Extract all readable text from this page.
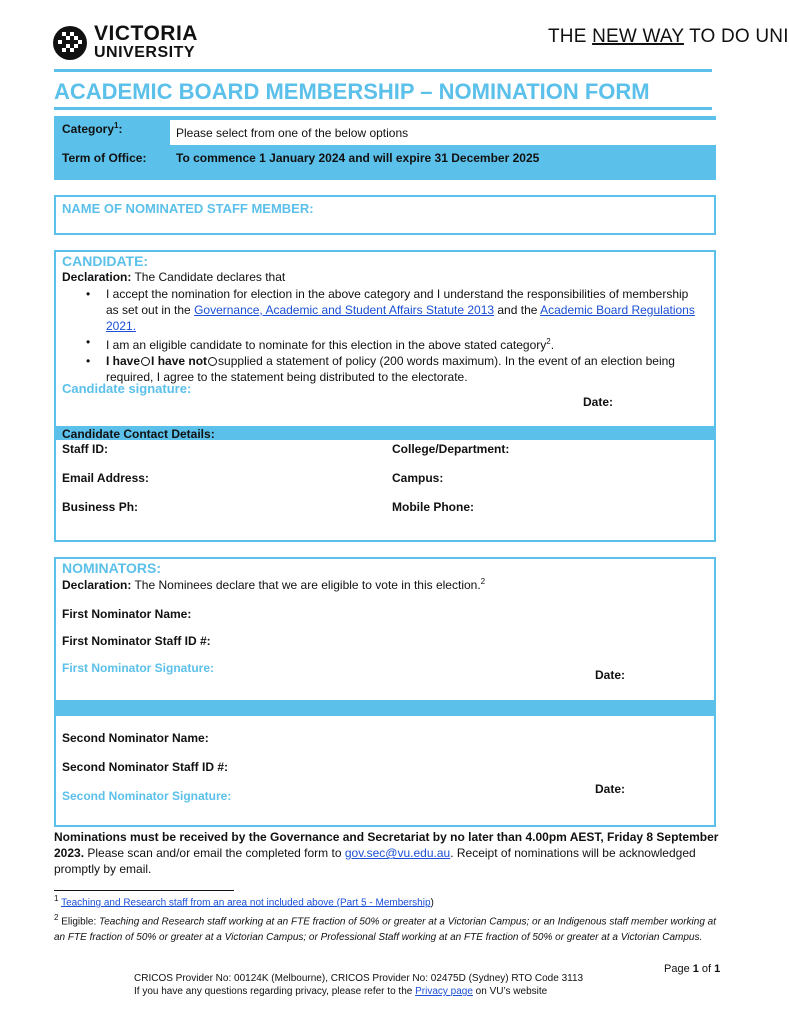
VICTORIA
UNIVERSITY
THE NEW WAY TO DO UNI
ACADEMIC BOARD MEMBERSHIP – NOMINATION FORM
Category$^1$:	Please select from one of the below options
Term of Office: To commence 1 January 2024 and will expire 31 December 2025
NAME OF NOMINATED STAFF MEMBER:
CANDIDATE:
Declaration: The Candidate declares that
• I accept the nomination for election in the above category and I understand the responsibilities of membership as set out in the Governance, Academic and Student Affairs Statute 2013 and the Academic Board Regulations 2021.
• I am an eligible candidate to nominate for this election in the above stated category$^2$.
• I have I have not supplied a statement of policy (200 words maximum). In the event of an election being required, I agree to the statement being distributed to the electorate.
Candidate signature:
Date:
Candidate Contact Details:
Staff ID:	College/Department:
Email Address:	Campus:
Business Ph:	Mobile Phone:
NOMINATORS:
Declaration: The Nominees declare that we are eligible to vote in this election.$^2$
First Nominator Name:
First Nominator Staff ID #:
First Nominator Signature:	Date:
Second Nominator Name:
Second Nominator Staff ID #:
Date:
Second Nominator Signature:
Nominations must be received by the Governance and Secretariat by no later than 4.00pm AEST, Friday 8 September 2023. Please scan and/or email the completed form to gov.sec@vu.edu.au. Receipt of nominations will be acknowledged promptly by email.
$^1$ Teaching and Research staff from an area not included above (Part 5 - Membership)
$^2$ Eligible: Teaching and Research staff working at an FTE fraction of 50% or greater at a Victorian Campus; or an Indigenous staff member working at an FTE fraction of 50% or greater at a Victorian Campus; or Professional Staff working at an FTE fraction of 50% or greater at a Victorian Campus.
Page 1 of 1
CRICOS Provider No: 00124K (Melbourne), CRICOS Provider No: 02475D (Sydney) RTO Code 3113
If you have any questions regarding privacy, please refer to the Privacy page on VU’s website
